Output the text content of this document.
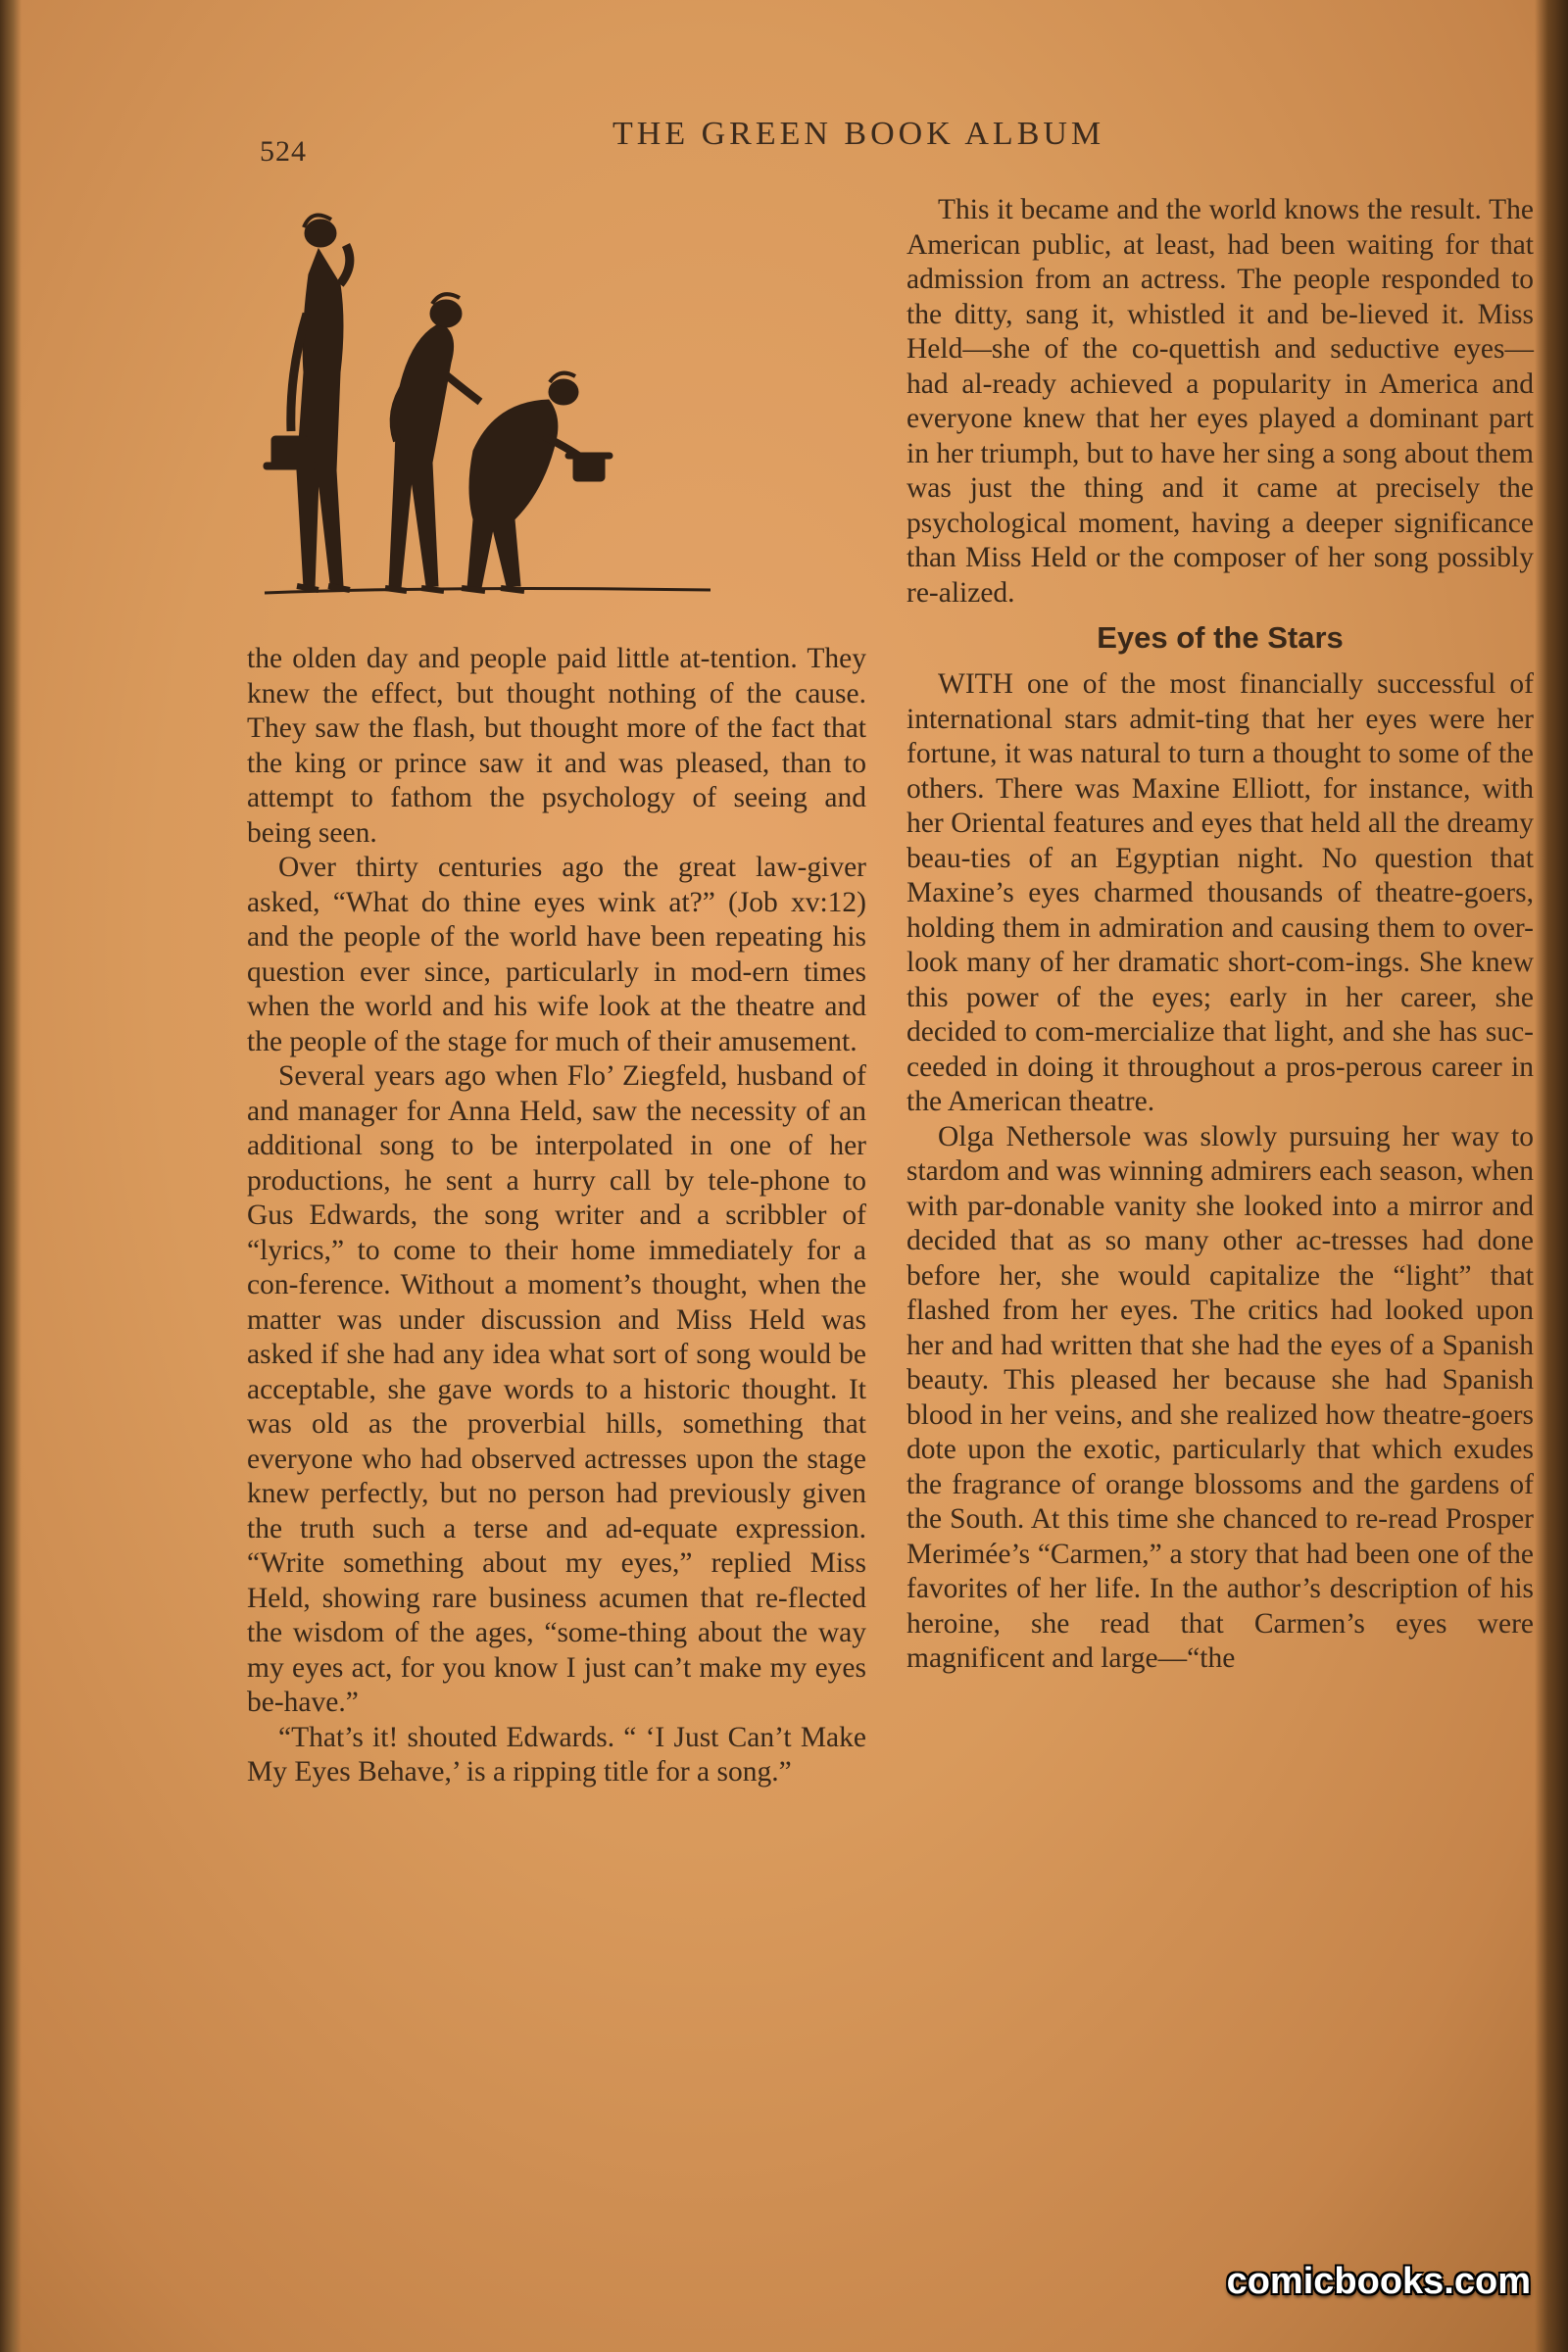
524	THE GREEN BOOK ALBUM

the olden day and people paid little at-tention. They knew the effect, but thought nothing of the cause. They saw the flash, but thought more of the fact that the king or prince saw it and was pleased, than to attempt to fathom the psychology of seeing and being seen.

Over thirty centuries ago the great law-giver asked, “What do thine eyes wink at?” (Job xv:12) and the people of the world have been repeating his question ever since, particularly in mod-ern times when the world and his wife look at the theatre and the people of the stage for much of their amusement.

Several years ago when Flo’ Ziegfeld, husband of and manager for Anna Held, saw the necessity of an additional song to be interpolated in one of her productions, he sent a hurry call by tele-phone to Gus Edwards, the song writer and a scribbler of “lyrics,” to come to their home immediately for a con-ference. Without a moment’s thought, when the matter was under discussion and Miss Held was asked if she had any idea what sort of song would be acceptable, she gave words to a historic thought. It was old as the proverbial hills, something that everyone who had observed actresses upon the stage knew perfectly, but no person had previously given the truth such a terse and ad-equate expression. “Write something about my eyes,” replied Miss Held, showing rare business acumen that re-flected the wisdom of the ages, “some-thing about the way my eyes act, for you know I just can’t make my eyes be-have.”

“That’s it! shouted Edwards. “ ‘I Just Can’t Make My Eyes Behave,’ is a ripping title for a song.”

This it became and the world knows the result. The American public, at least, had been waiting for that admission from an actress. The people responded to the ditty, sang it, whistled it and be-lieved it. Miss Held—she of the co-quettish and seductive eyes—had al-ready achieved a popularity in America and everyone knew that her eyes played a dominant part in her triumph, but to have her sing a song about them was just the thing and it came at precisely the psychological moment, having a deeper significance than Miss Held or the composer of her song possibly re-alized.

Eyes of the Stars

WITH one of the most financially successful of international stars admit-ting that her eyes were her fortune, it was natural to turn a thought to some of the others. There was Maxine Elliott, for instance, with her Oriental features and eyes that held all the dreamy beau-ties of an Egyptian night. No question that Maxine’s eyes charmed thousands of theatre-goers, holding them in admiration and causing them to over-look many of her dramatic short-com-ings. She knew this power of the eyes; early in her career, she decided to com-mercialize that light, and she has suc-ceeded in doing it throughout a pros-perous career in the American theatre.

Olga Nethersole was slowly pursuing her way to stardom and was winning admirers each season, when with par-donable vanity she looked into a mirror and decided that as so many other ac-tresses had done before her, she would capitalize the “light” that flashed from her eyes. The critics had looked upon her and had written that she had the eyes of a Spanish beauty. This pleased her because she had Spanish blood in her veins, and she realized how theatre-goers dote upon the exotic, particularly that which exudes the fragrance of orange blossoms and the gardens of the South. At this time she chanced to re-read Prosper Merimée’s “Carmen,” a story that had been one of the favorites of her life. In the author’s description of his heroine, she read that Carmen’s eyes were magnificent and large—“the

comicbooks.com
